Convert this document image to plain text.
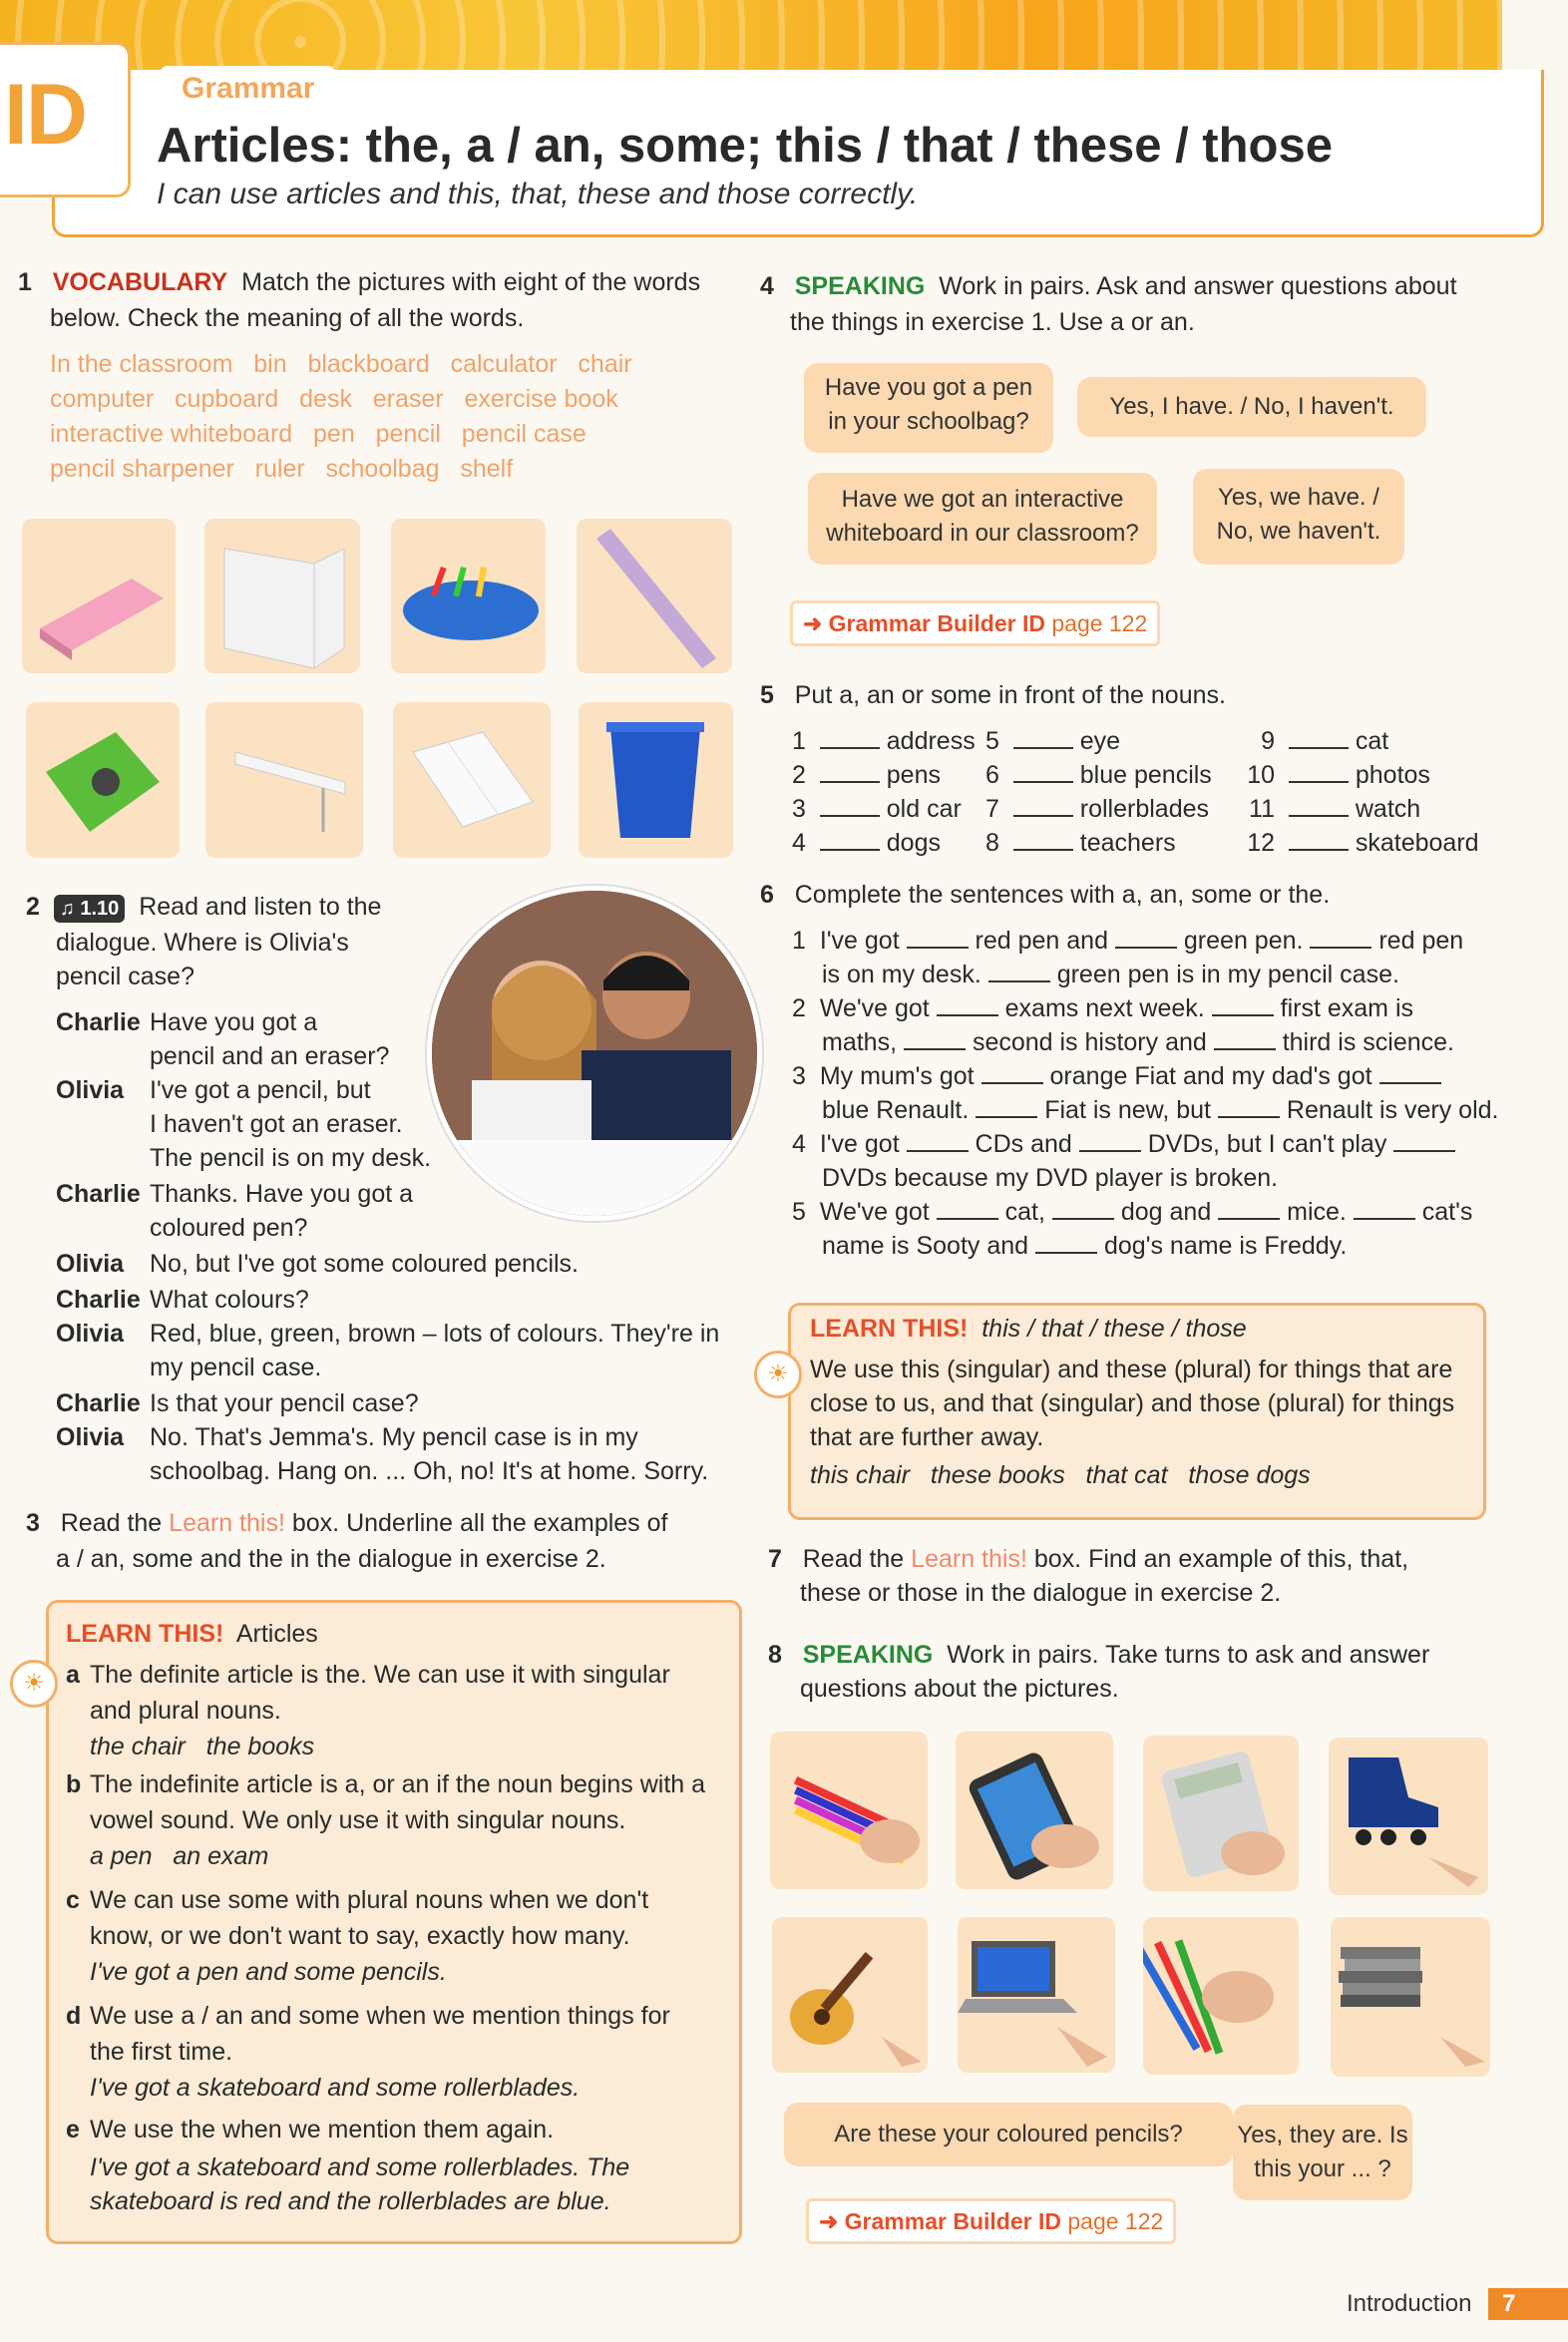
ID	Grammar
Articles: the, a / an, some; this / that / these / those
I can use articles and this, that, these and those correctly.
1 VOCABULARY Match the pictures with eight of the words
below. Check the meaning of all the words.
In the classroom   bin   blackboard   calculator   chair
computer   cupboard   desk   eraser   exercise book
interactive whiteboard   pen   pencil   pencil case
pencil sharpener   ruler   schoolbag   shelf
2 ♫ 1.10 Read and listen to the
dialogue. Where is Olivia's
pencil case?
Charlie Have you got a
pencil and an eraser?
Olivia I've got a pencil, but
I haven't got an eraser.
The pencil is on my desk.
Charlie Thanks. Have you got a
coloured pen?
Olivia No, but I've got some coloured pencils.
Charlie What colours?
Olivia Red, blue, green, brown – lots of colours. They're in
my pencil case.
Charlie Is that your pencil case?
Olivia No. That's Jemma's. My pencil case is in my
schoolbag. Hang on. ... Oh, no! It's at home. Sorry.
3 Read the Learn this! box. Underline all the examples of
a / an, some and the in the dialogue in exercise 2.
☀
LEARN THIS! Articles
a The definite article is the. We can use it with singular
and plural nouns.
the chair   the books
b The indefinite article is a, or an if the noun begins with a
vowel sound. We only use it with singular nouns.
a pen   an exam
c We can use some with plural nouns when we don't
know, or we don't want to say, exactly how many.
I've got a pen and some pencils.
d We use a / an and some when we mention things for
the first time.
I've got a skateboard and some rollerblades.
e We use the when we mention them again.
I've got a skateboard and some rollerblades. The skateboard is red and the rollerblades are blue.
4 SPEAKING Work in pairs. Ask and answer questions about
the things in exercise 1. Use a or an.
Have you got a pen
in your schoolbag?
Yes, I have. / No, I haven't.
Have we got an interactive
whiteboard in our classroom?
Yes, we have. /
No, we haven't.
➜ Grammar Builder ID page 122
5 Put a, an or some in front of the nouns.
1	address
2	pens
3	old car
4	dogs
5	eye
6	blue pencils
7	rollerblades
8	teachers
9	cat
10	photos
11	watch
12	skateboard
6 Complete the sentences with a, an, some or the.
1 I've got	red pen and	green pen.	red pen
is on my desk.	green pen is in my pencil case.
2 We've got	exams next week.	first exam is
maths,	second is history and	third is science.
3 My mum's got	orange Fiat and my dad's got
blue Renault.	Fiat is new, but	Renault is very old.
4 I've got	CDs and	DVDs, but I can't play
DVDs because my DVD player is broken.
5 We've got	cat,	dog and	mice.	cat's
name is Sooty and	dog's name is Freddy.
☀
LEARN THIS! this / that / these / those
We use this (singular) and these (plural) for things that are
close to us, and that (singular) and those (plural) for things
that are further away.
this chair   these books   that cat   those dogs
7 Read the Learn this! box. Find an example of this, that,
these or those in the dialogue in exercise 2.
8 SPEAKING Work in pairs. Take turns to ask and answer
questions about the pictures.
Are these your coloured pencils?	Yes, they are. Is
this your ... ?
➜ Grammar Builder ID page 122
Introduction 7
